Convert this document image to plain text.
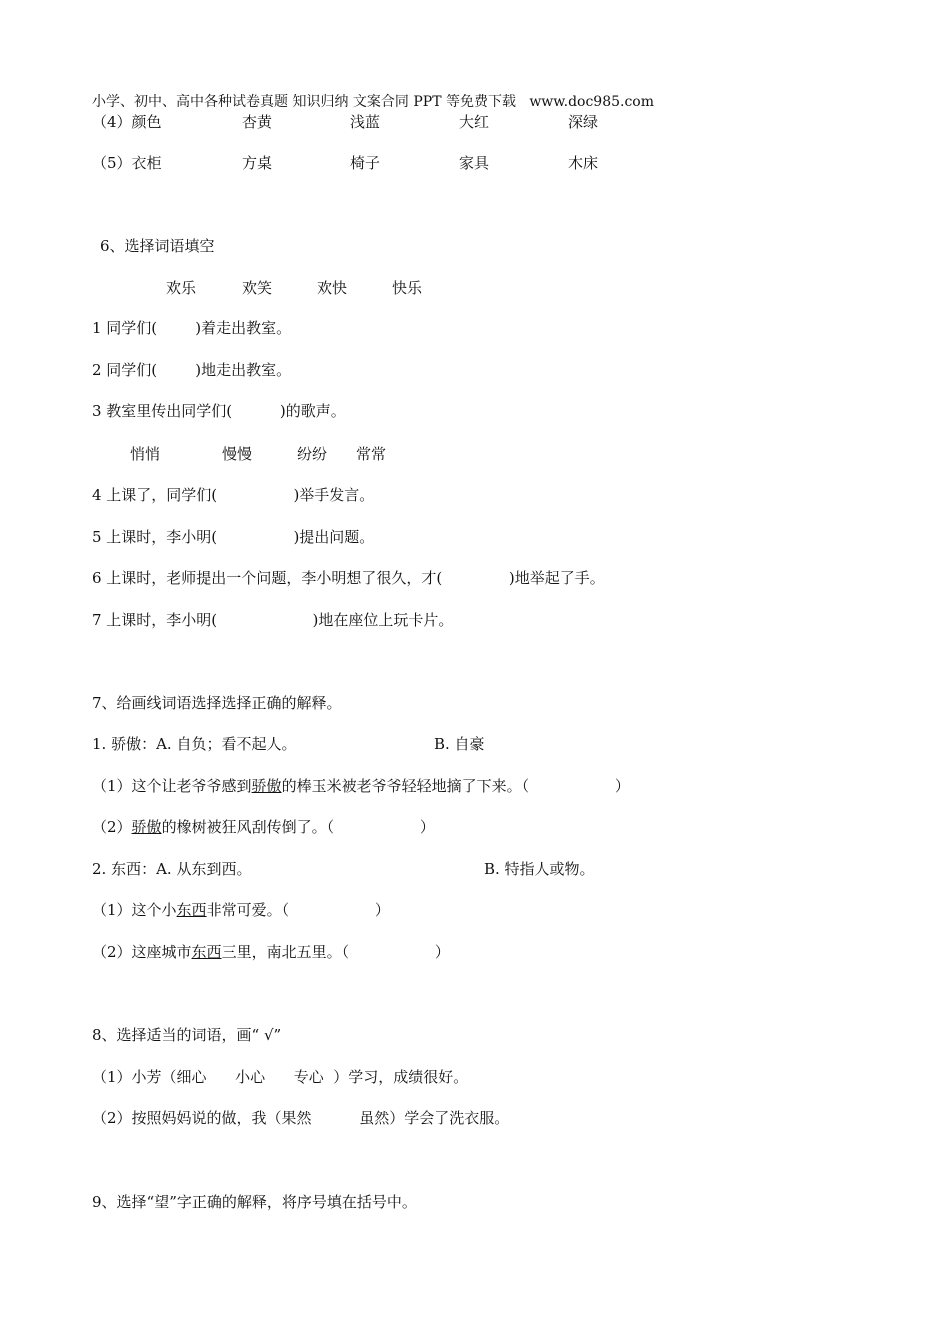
小学、初中、高中各种试卷真题 知识归纳 文案合同 PPT 等免费下载   www.doc985.com
（4）颜色	杏黄	浅蓝	大红	深绿
（5）衣柜	方桌	椅子	家具	木床
6、选择词语填空
欢乐	欢笑	欢快	快乐
1 同学们(        )着走出教室。
2 同学们(        )地走出教室。
3 教室里传出同学们(          )的歌声。
悄悄	慢慢	纷纷 常常
4 上课了，同学们(                )举手发言。
5 上课时，李小明(                )提出问题。
6 上课时，老师提出一个问题，李小明想了很久，才(              )地举起了手。
7 上课时，李小明(                    )地在座位上玩卡片。
7、给画线词语选择选择正确的解释。
1. 骄傲：A. 自负；看不起人。	B. 自豪
（1）这个让老爷爷感到骄傲的棒玉米被老爷爷轻轻地摘了下来。（                  ）
（2）骄傲的橡树被狂风刮传倒了。（                  ）
2. 东西：A. 从东到西。	B. 特指人或物。
（1）这个小东西非常可爱。（                  ）
（2）这座城市东西三里，南北五里。（                  ）
8、选择适当的词语，画“ √”
（1）小芳（细心      小心      专心  ）学习，成绩很好。
（2）按照妈妈说的做，我（果然          虽然）学会了洗衣服。
9、选择“望”字正确的解释，将序号填在括号中。
